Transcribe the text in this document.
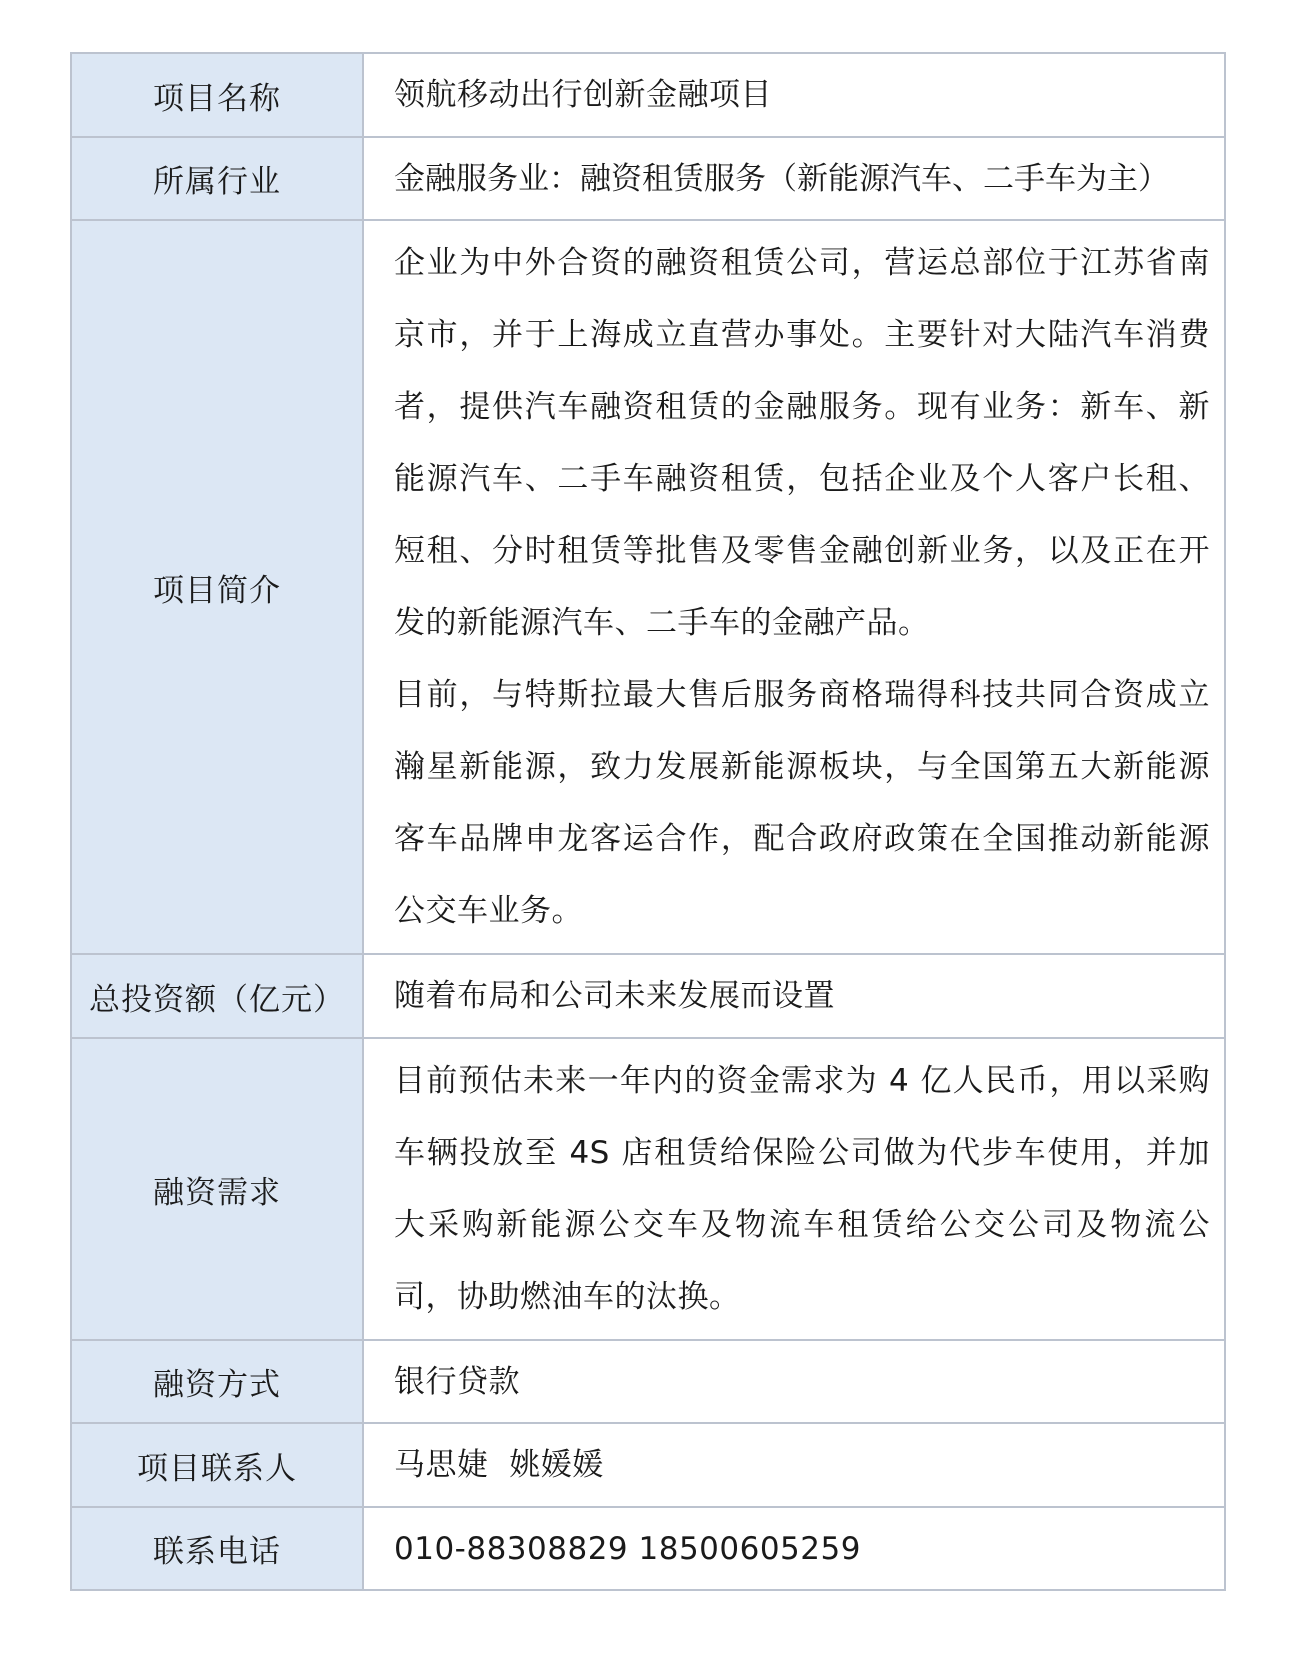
项目名称	领航移动出行创新金融项目
所属行业	金融服务业：融资租赁服务（新能源汽车、二手车为主）
项目简介	企业为中外合资的融资租赁公司，营运总部位于江苏省南京市，并于上海成立直营办事处。主要针对大陆汽车消费者，提供汽车融资租赁的金融服务。现有业务：新车、新能源汽车、二手车融资租赁，包括企业及个人客户长租、短租、分时租赁等批售及零售金融创新业务，以及正在开发的新能源汽车、二手车的金融产品。

目前，与特斯拉最大售后服务商格瑞得科技共同合资成立瀚星新能源，致力发展新能源板块，与全国第五大新能源客车品牌申龙客运合作，配合政府政策在全国推动新能源公交车业务。

总投资额（亿元）	随着布局和公司未来发展而设置
融资需求	目前预估未来一年内的资金需求为 4 亿人民币，用以采购车辆投放至 4S 店租赁给保险公司做为代步车使用，并加大采购新能源公交车及物流车租赁给公交公司及物流公司，协助燃油车的汰换。

融资方式	银行贷款
项目联系人	马思婕  姚媛媛
联系电话	010-88308829 18500605259
